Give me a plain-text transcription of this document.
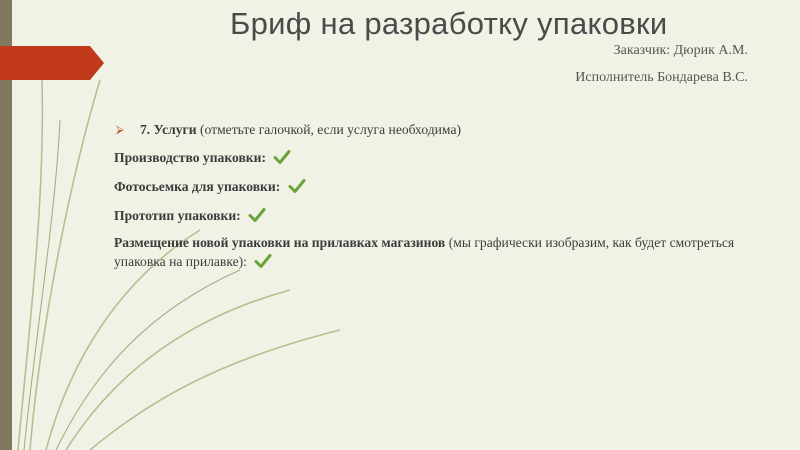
Бриф на разработку упаковки
Заказчик: Дюрик А.М.
Исполнитель Бондарева В.С.
⮚ 7. Услуги (отметьте галочкой, если услуга необходима)
Производство упаковки:
Фотосьемка для упаковки:
Прототип упаковки:
Размещение новой упаковки на прилавках магазинов (мы графически изобразим, как будет смотреться упаковка на прилавке):
